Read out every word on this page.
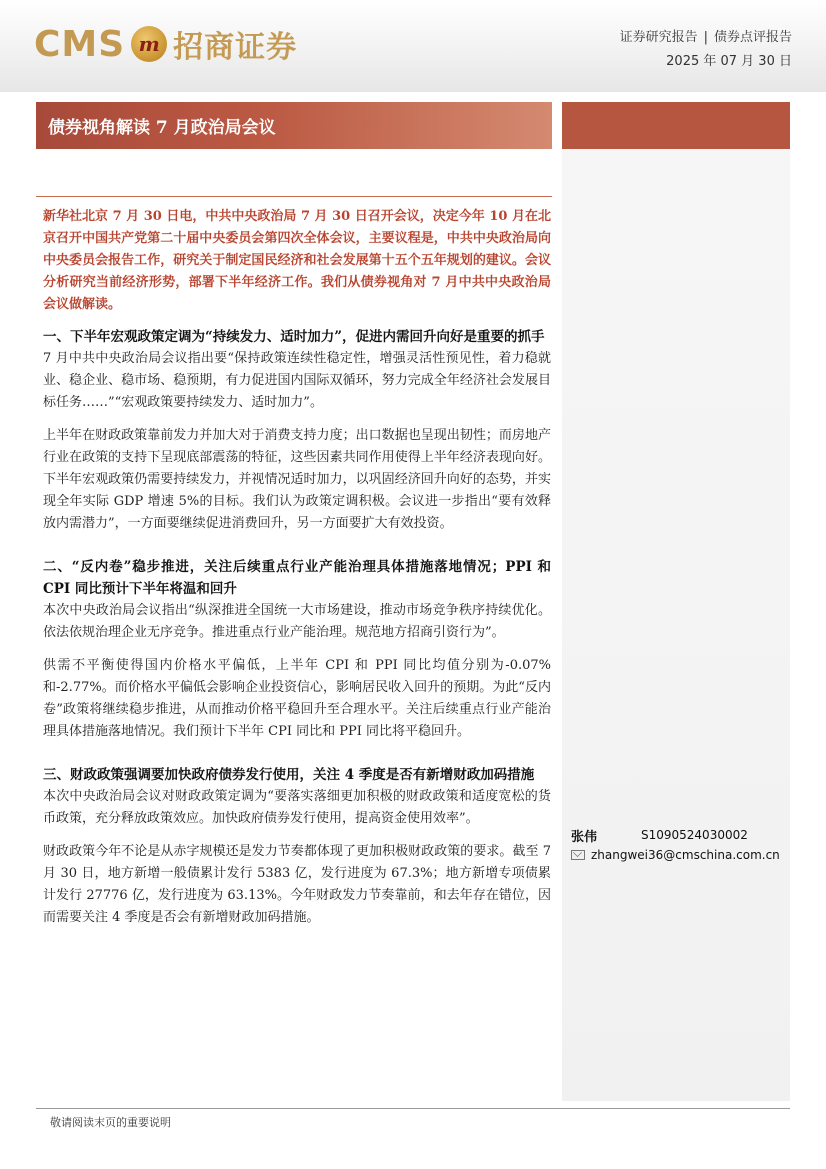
CMS m 招商证券	证券研究报告 | 债券点评报告
2025 年 07 月 30 日
债券视角解读 7 月政治局会议

新华社北京 7 月 30 日电，中共中央政治局 7 月 30 日召开会议，决定今年 10 月在北京召开中国共产党第二十届中央委员会第四次全体会议，主要议程是，中共中央政治局向中央委员会报告工作，研究关于制定国民经济和社会发展第十五个五年规划的建议。会议分析研究当前经济形势，部署下半年经济工作。我们从债券视角对 7 月中共中央政治局会议做解读。

一、下半年宏观政策定调为“持续发力、适时加力”，促进内需回升向好是重要的抓手

7 月中共中央政治局会议指出要“保持政策连续性稳定性，增强灵活性预见性，着力稳就业、稳企业、稳市场、稳预期，有力促进国内国际双循环，努力完成全年经济社会发展目标任务……”“宏观政策要持续发力、适时加力”。

上半年在财政政策靠前发力并加大对于消费支持力度；出口数据也呈现出韧性；而房地产行业在政策的支持下呈现底部震荡的特征，这些因素共同作用使得上半年经济表现向好。下半年宏观政策仍需要持续发力，并视情况适时加力，以巩固经济回升向好的态势，并实现全年实际 GDP 增速 5%的目标。我们认为政策定调积极。会议进一步指出“要有效释放内需潜力”，一方面要继续促进消费回升，另一方面要扩大有效投资。

二、“反内卷”稳步推进，关注后续重点行业产能治理具体措施落地情况；PPI 和 CPI 同比预计下半年将温和回升

本次中央政治局会议指出“纵深推进全国统一大市场建设，推动市场竞争秩序持续优化。依法依规治理企业无序竞争。推进重点行业产能治理。规范地方招商引资行为”。

供需不平衡使得国内价格水平偏低，上半年 CPI 和 PPI 同比均值分别为-0.07%和-2.77%。而价格水平偏低会影响企业投资信心，影响居民收入回升的预期。为此“反内卷”政策将继续稳步推进，从而推动价格平稳回升至合理水平。关注后续重点行业产能治理具体措施落地情况。我们预计下半年 CPI 同比和 PPI 同比将平稳回升。

三、财政政策强调要加快政府债券发行使用，关注 4 季度是否有新增财政加码措施

本次中央政治局会议对财政政策定调为“要落实落细更加积极的财政政策和适度宽松的货币政策，充分释放政策效应。加快政府债券发行使用，提高资金使用效率”。

财政政策今年不论是从赤字规模还是发力节奏都体现了更加积极财政政策的要求。截至 7 月 30 日，地方新增一般债累计发行 5383 亿，发行进度为 67.3%；地方新增专项债累计发行 27776 亿，发行进度为 63.13%。今年财政发力节奏靠前，和去年存在错位，因而需要关注 4 季度是否会有新增财政加码措施。

张伟	S1090524030002
zhangwei36@cmschina.com.cn
敬请阅读末页的重要说明
